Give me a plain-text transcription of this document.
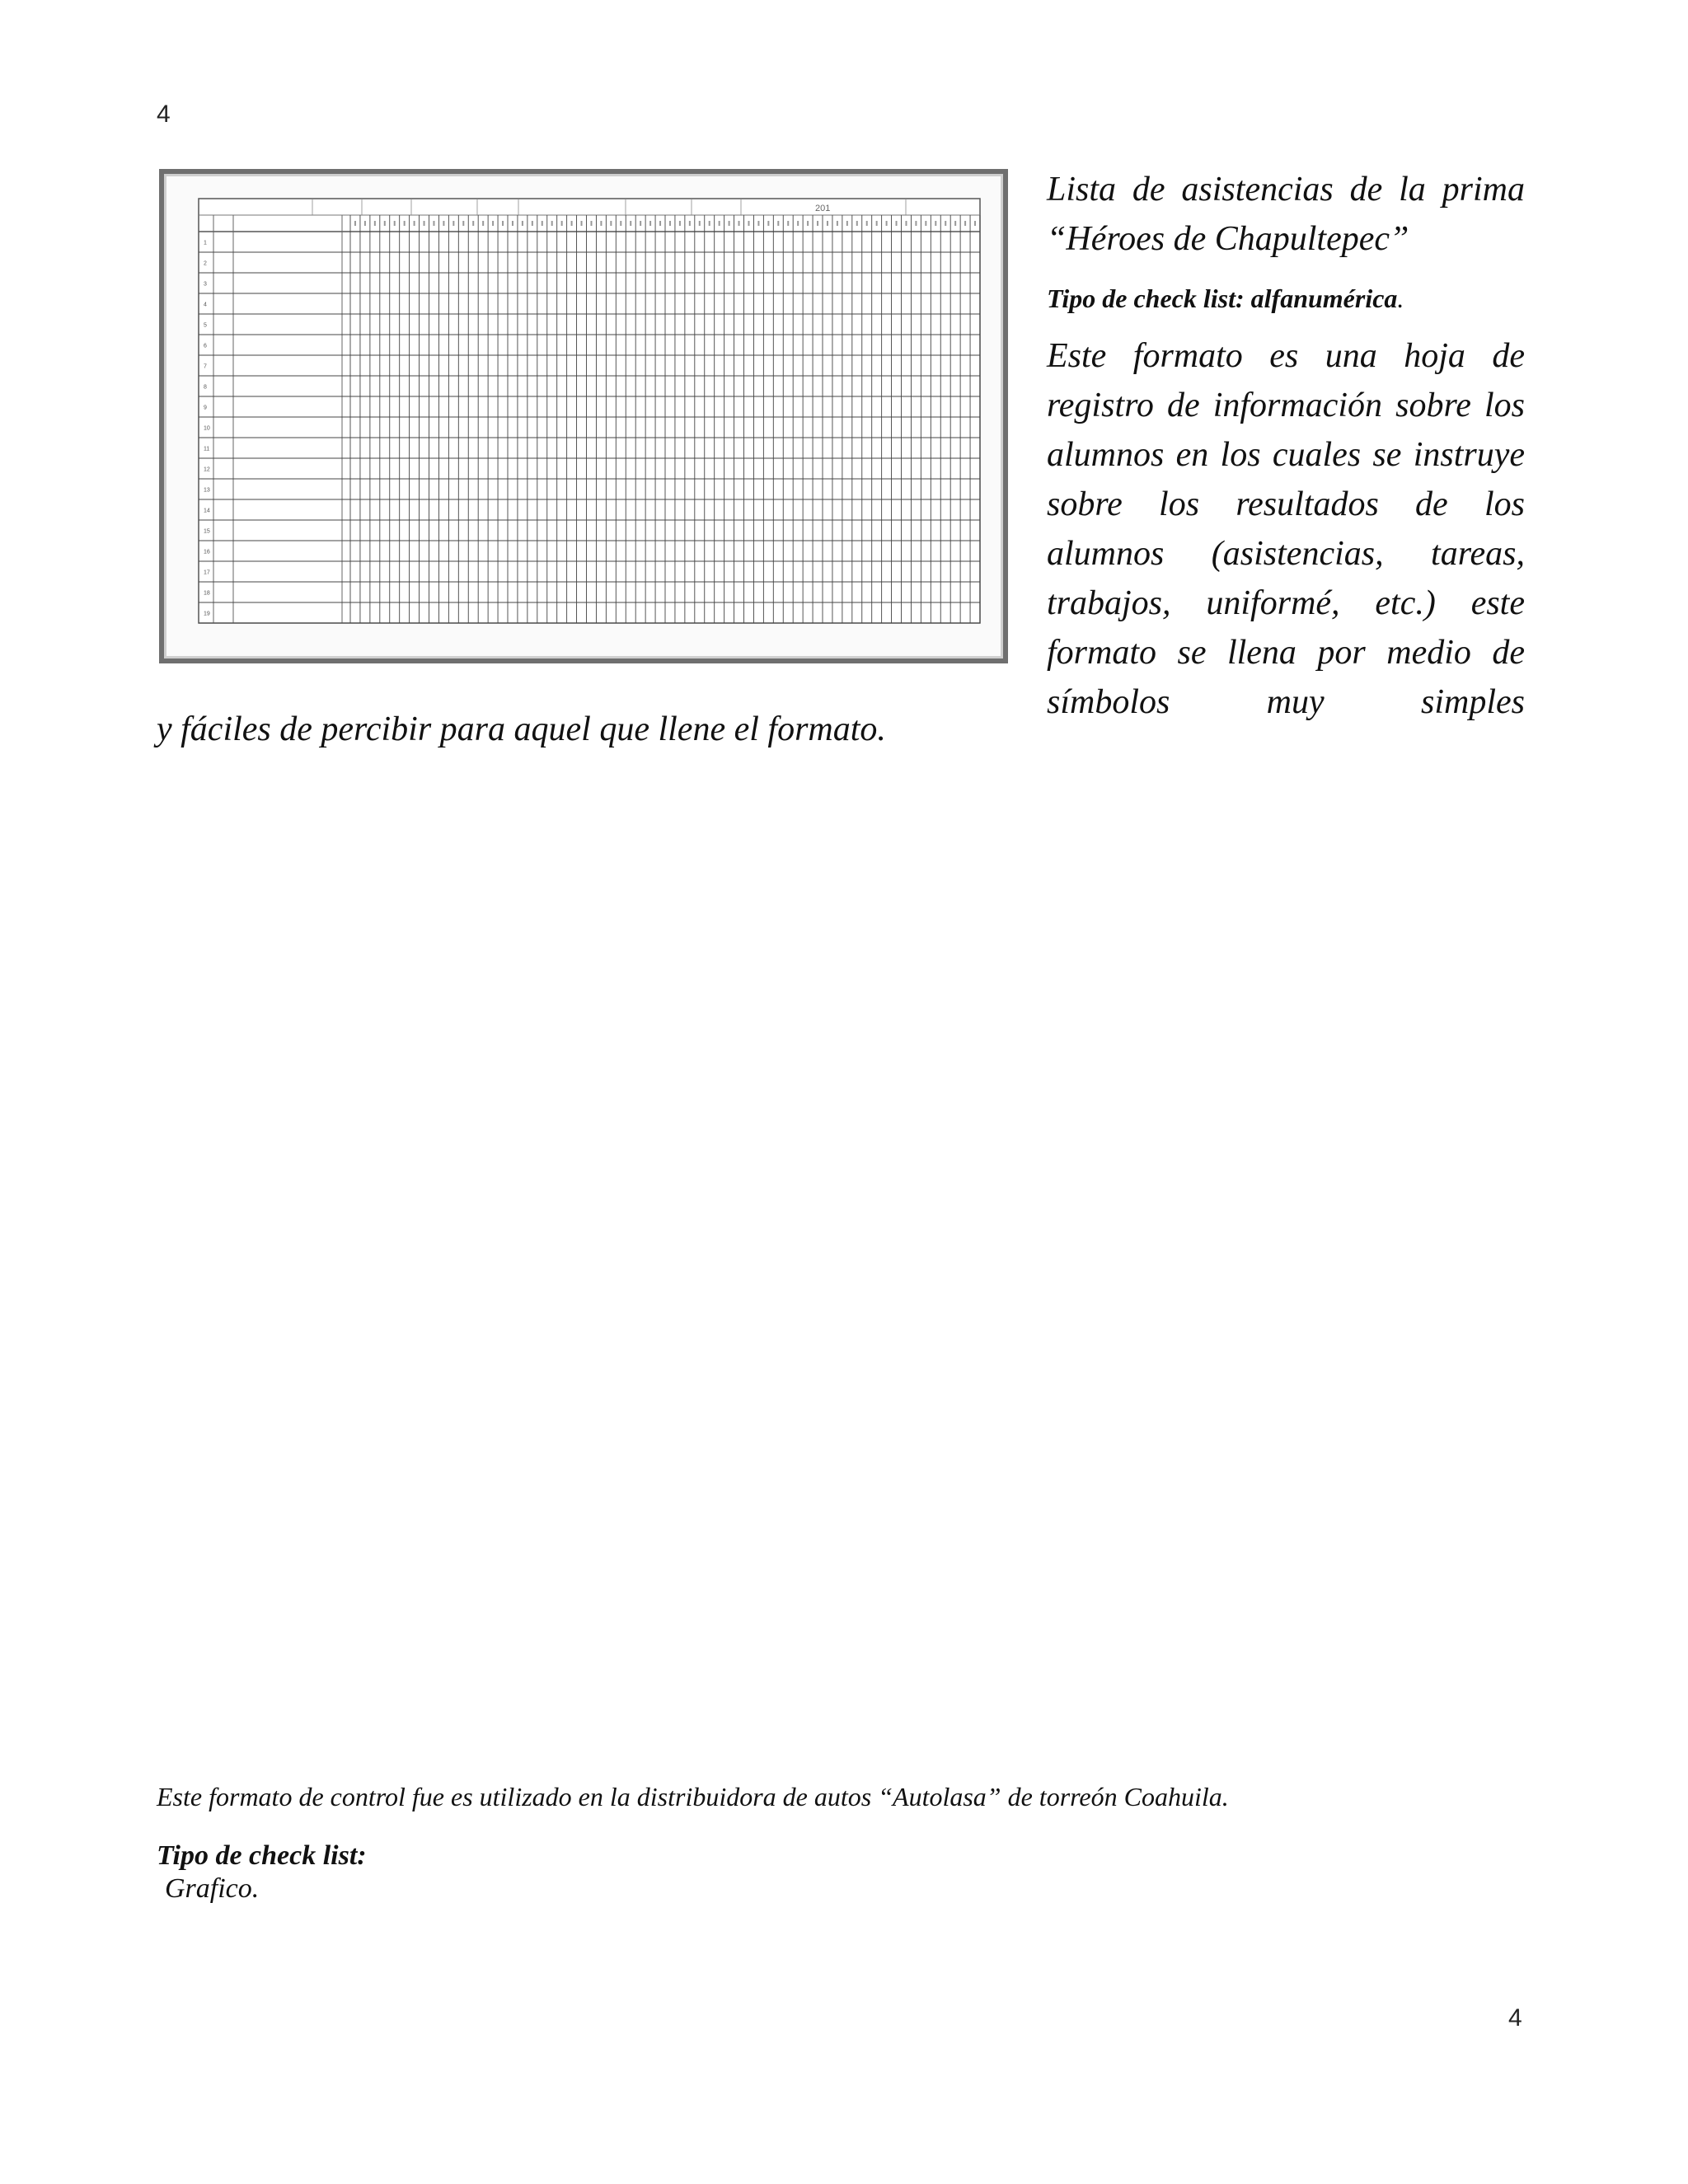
4
201
1
2
3
4
5
6
7
8
9
10
11
12
13
14
15
16
17
18
19

Lista de asistencias de la prima “Héroes de Chapultepec”

Tipo de check list: alfanumérica.

Este formato es una hoja de registro de información sobre los alumnos en los cuales se instruye sobre los resultados de los alumnos (asistencias, tareas, trabajos, uniformé, etc.) este formato se llena por medio de símbolos muy simples

y fáciles de percibir para aquel que llene el formato.
Este formato de control fue es utilizado en la distribuidora de autos “Autolasa” de torreón Coahuila.
Tipo de check list:
Grafico.
4
